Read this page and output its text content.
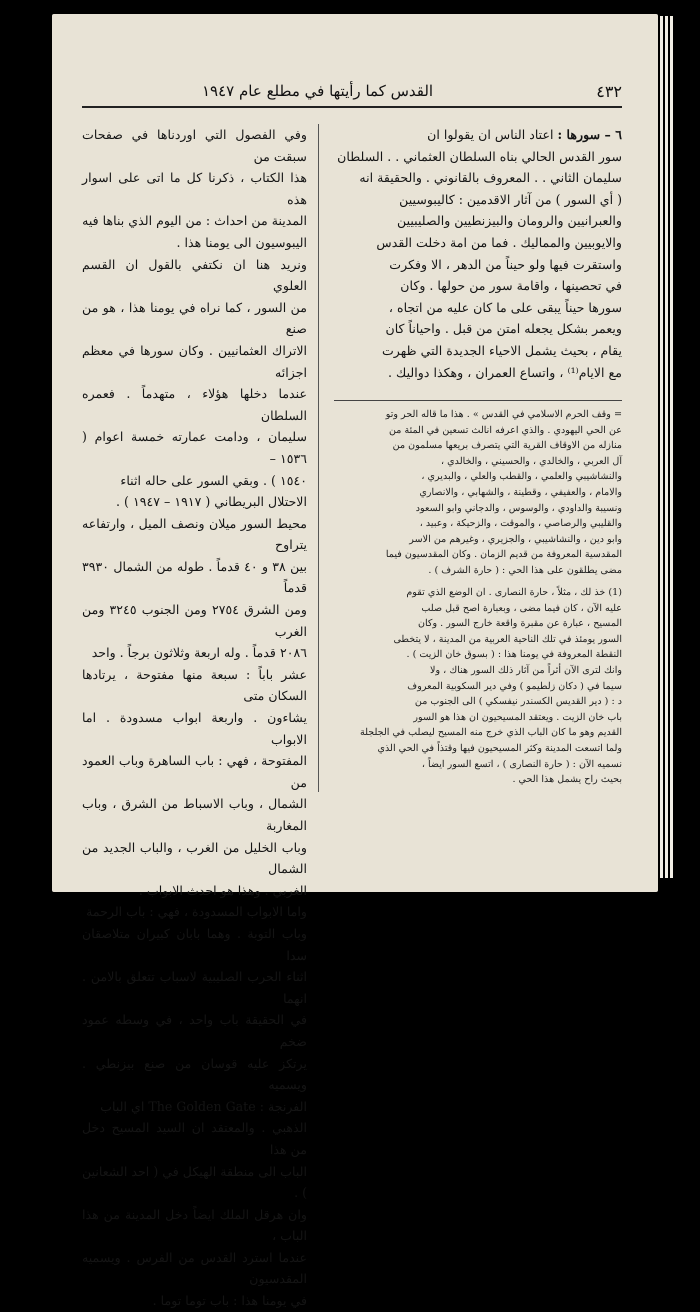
القدس كما رأيتها في مطلع عام ١٩٤٧	٤٣٢

٦ – سورها : اعتاد الناس ان يقولوا ان
سور القدس الحالي بناه السلطان العثماني . . السلطان
سليمان الثاني . . المعروف بالقانوني . والحقيقة انه
( أي السور ) من آثار الاقدمين : كاليبوسيين
والعبرانيين والرومان والبيزنطيين والصليبيين
والايوبيين والمماليك . فما من امة دخلت القدس
واستقرت فيها ولو حيناً من الدهر ، الا وفكرت
في تحصينها ، واقامة سور من حولها . وكان
سورها حيناً يبقى على ما كان عليه من اتجاه ،
ويعمر بشكل يجعله امتن من قبل . واحياناً كان
يقام ، بحيث يشمل الاحياء الجديدة التي ظهرت
مع الايام⁽¹⁾ ، واتساع العمران ، وهكذا دواليك .

= وقف الحرم الاسلامي في القدس » . هذا ما قاله الحر وتو
عن الحي اليهودي . والذي اعرفه انالث تسعين في المئة من
منازله من الاوقاف القرية التي يتصرف بريعها مسلمون من
آل العربي ، والخالدي ، والحسيني ، والخالدي ،
والنشاشيبي والعلمي ، والقطب والعلي ، والبديري ،
والامام ، والعفيفي ، وقطينة ، والشهابي ، والانصاري
ونسيبة والداودي ، والوسوس ، والدجاني وابو السعود
والقليبي والرصاصي ، والموقت ، والزحيكة ، وعبيد ،
وابو دين ، والنشاشيبي ، والجزيري ، وغيرهم من الاسر
المقدسية المعروفة من قديم الزمان . وكان المقدسيون فيما
مضى يطلقون على هذا الحي : ( حارة الشرف ) .

(1) خذ لك ، مثلاً ، حارة النصارى . ان الوضع الذي تقوم
عليه الآن ، كان فيما مضى ، وبعبارة اصح قبل صلب
المسيح ، عبارة عن مقبرة واقعة خارج السور . وكان
السور يومئذ في تلك الناحية العربية من المدينة ، لا يتخطى
النقطة المعروفة في يومنا هذا : ( بسوق خان الزيت ) .
وانك لترى الآن أثراً من آثار ذلك السور هناك ، ولا
سيما في ( دكان زلطيمو ) وفي دير السكوبية المعروف
د : ( دير القديس الكسندر نيفسكي ) الى الجنوب من
باب خان الزيت . ويعتقد المسيحيون ان هذا هو السور
القديم وهو ما كان الباب الذي خرج منه المسيح ليصلب في الجلجلة
ولما اتسعت المدينة وكثر المسيحيون فيها وقتذاً في الحي الذي
نسميه الآن : ( حارة النصارى ) ، اتسع السور ايضاً ،
بحيث راح يشمل هذا الحي .

وفي الفصول التي اوردناها في صفحات سبقت من
هذا الكتاب ، ذكرنا كل ما اتى على اسوار هذه
المدينة من احداث : من اليوم الذي بناها فيه
اليبوسيون الى يومنا هذا .

ونريد هنا ان نكتفي بالقول ان القسم العلوي
من السور ، كما نراه في يومنا هذا ، هو من صنع
الاتراك العثمانيين . وكان سورها في معظم اجزائه
عندما دخلها هؤلاء ، متهدماً . فعمره السلطان
سليمان ، ودامت عمارته خمسة اعوام ( ١٥٣٦ –
١٥٤٠ ) . وبقي السور على حاله اثناء
الاحتلال البريطاني ( ١٩١٧ – ١٩٤٧ ) .
محيط السور ميلان ونصف الميل ، وارتفاعه يتراوح
بين ٣٨ و ٤٠ قدماً . طوله من الشمال ٣٩٣٠ قدماً
ومن الشرق ٢٧٥٤ ومن الجنوب ٣٢٤٥ ومن الغرب
٢٠٨٦ قدماً . وله اربعة وثلاثون برجاً . واحد
عشر باباً : سبعة منها مفتوحة ، يرتادها السكان متى
يشاءون . واربعة ابواب مسدودة . اما الابواب
المفتوحة ، فهي : باب الساهرة وباب العمود من
الشمال ، وباب الاسباط من الشرق ، وباب المغاربة
وباب الخليل من الغرب ، والباب الجديد من الشمال
الغربي . وهذا هو احدث الابواب .

واما الابواب المسدودة ، فهي : باب الرحمة
وباب التوبة . وهما بابان كبيران متلاصقان سدا
اثناء الحرب الصليبية لاسباب تتعلق بالامن . انهما
في الحقيقة باب واحد ، في وسطه عمود ضخم
يرتكز عليه قوسان من صنع بيزنطي . ويسميه
الفرنجة : The Golden Gate اي الباب
الذهبي . والمعتقد ان السيد المسيح دخل من هذا
الباب الى منطقة الهيكل في ( احد الشعانين ) .
وان هرقل الملك ايضاً دخل المدينة من هذا الباب ،
عندما استرد القدس من الفرس . ويسميه المقدسيون
في يومنا هذا : باب توما توما .
